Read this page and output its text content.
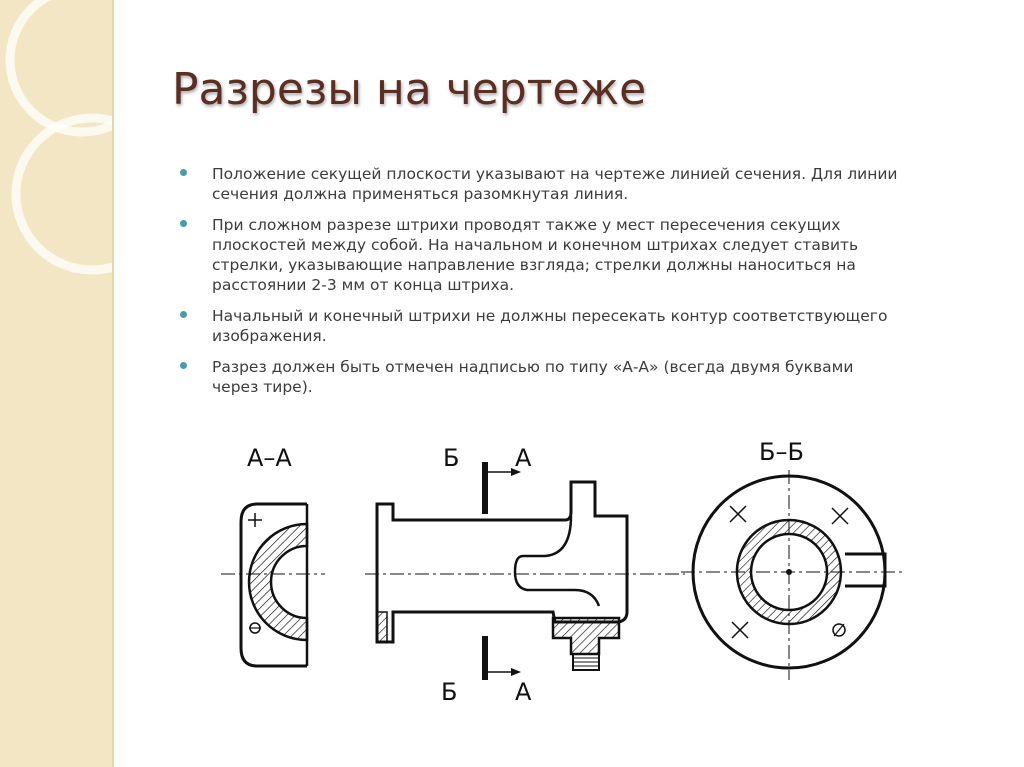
Разрезы на чертеже
Положение секущей плоскости указывают на чертеже линией сечения. Для линии сечения должна применяться разомкнутая линия.
При сложном разрезе штрихи проводят также у мест пересечения секущих плоскостей между собой. На начальном и конечном штрихах следует ставить стрелки, указывающие направление взгляда; стрелки должны наноситься на расстоянии 2-3 мм от конца штриха.
Начальный и конечный штрихи не должны пересекать контур соответствующего изображения.
Разрез должен быть отмечен надписью по типу «А-А» (всегда двумя буквами через тире).
А–А	Б А
Б А
Б–Б
